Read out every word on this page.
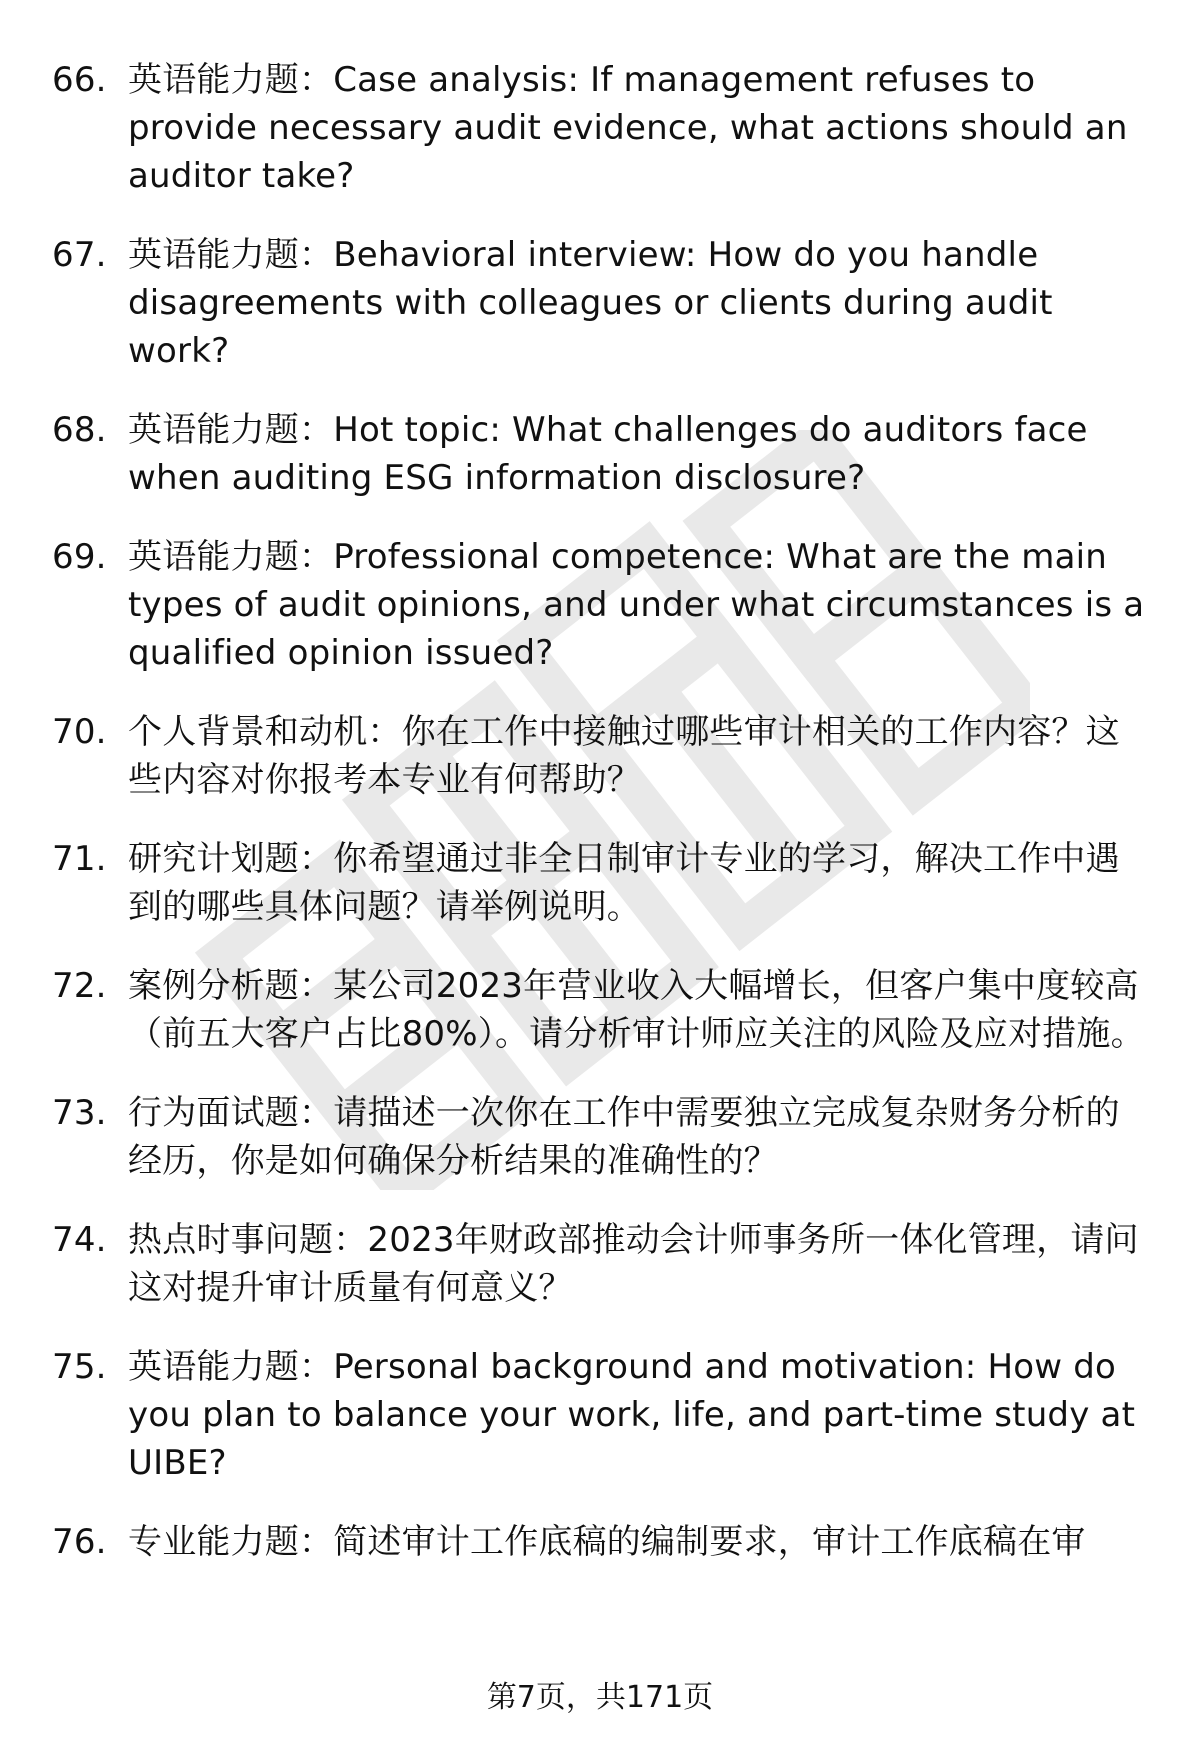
66. 英语能力题：Case analysis: If management refuses to provide necessary audit evidence, what actions should an auditor take?
67. 英语能力题：Behavioral interview: How do you handle disagreements with colleagues or clients during audit work?
68. 英语能力题：Hot topic: What challenges do auditors face when auditing ESG information disclosure?
69. 英语能力题：Professional competence: What are the main types of audit opinions, and under what circumstances is a qualified opinion issued?
70. 个人背景和动机：你在工作中接触过哪些审计相关的工作内容？这些内容对你报考本专业有何帮助？
71. 研究计划题：你希望通过非全日制审计专业的学习，解决工作中遇到的哪些具体问题？请举例说明。
72. 案例分析题：某公司2023年营业收入大幅增长，但客户集中度较高（前五大客户占比80%）。请分析审计师应关注的风险及应对措施。
73. 行为面试题：请描述一次你在工作中需要独立完成复杂财务分析的经历，你是如何确保分析结果的准确性的？
74. 热点时事问题：2023年财政部推动会计师事务所一体化管理，请问这对提升审计质量有何意义？
75. 英语能力题：Personal background and motivation: How do you plan to balance your work, life, and part-time study at UIBE?
76. 专业能力题：简述审计工作底稿的编制要求，审计工作底稿在审
第7页，共171页
